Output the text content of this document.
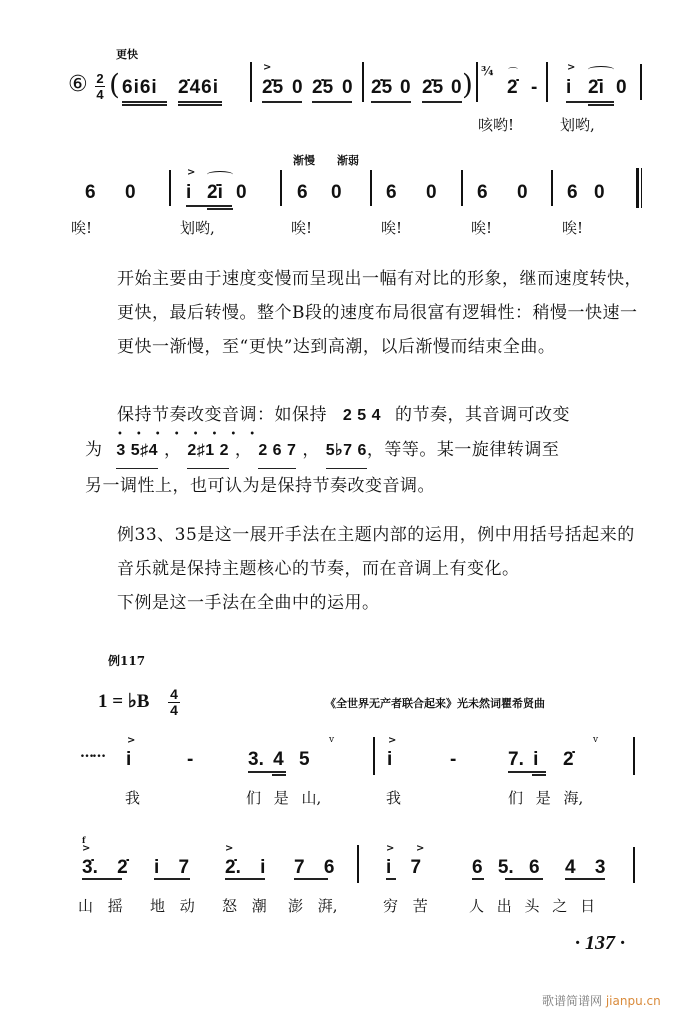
更快
⑥ 2
4 ( 6i6i 2̇46i
>
2̇5 0 2̇5 0 2̇5 0 2̇5 0 ) ¾ ⌒
2̇ -
>
i 2̇i 0
咳哟!	划哟,
渐慢 渐弱
6 0
>
i 2̇i 0	6 0 6 0 6 0 6 0
唉!	划哟,	唉!	唉!	唉!	唉!
开始主要由于速度变慢而呈现出一幅有对比的形象，继而速度转快，更快，最后转慢。整个B段的速度布局很富有逻辑性：稍慢一快速一更快一渐慢，至“更快”达到高潮，以后渐慢而结束全曲。
保持节奏改变音调：如保持 2 5 4 的节奏，其音调可改变
为 3 5♯4 ， 2♯1 2 ， 2 6 7 ， 5♭7 6，等等。某一旋律转调至
另一调性上，也可认为是保持节奏改变音调。
••••••••
例33、35是这一展开手法在主题内部的运用，例中用括号括起来的音乐就是保持主题核心的节奏，而在音调上有变化。
下例是这一手法在全曲中的运用。
例117
1 = ♭B 4
4	《全世界无产者联合起来》光未然词瞿希贤曲
……
>
i	-	3. 4 5
v	>
i	-	7. i 2̇
v
我	们 是 山,	我	们 是 海,
f
>
3̇. 2̇ i 7
>
2̇. i 7 6
> >
i 7	6 5. 6 4 3
山 摇 地 动 怒 潮 澎 湃,	穷 苦	人 出 头 之 日
· 137 ·
歌谱简谱网 jianpu.cn
